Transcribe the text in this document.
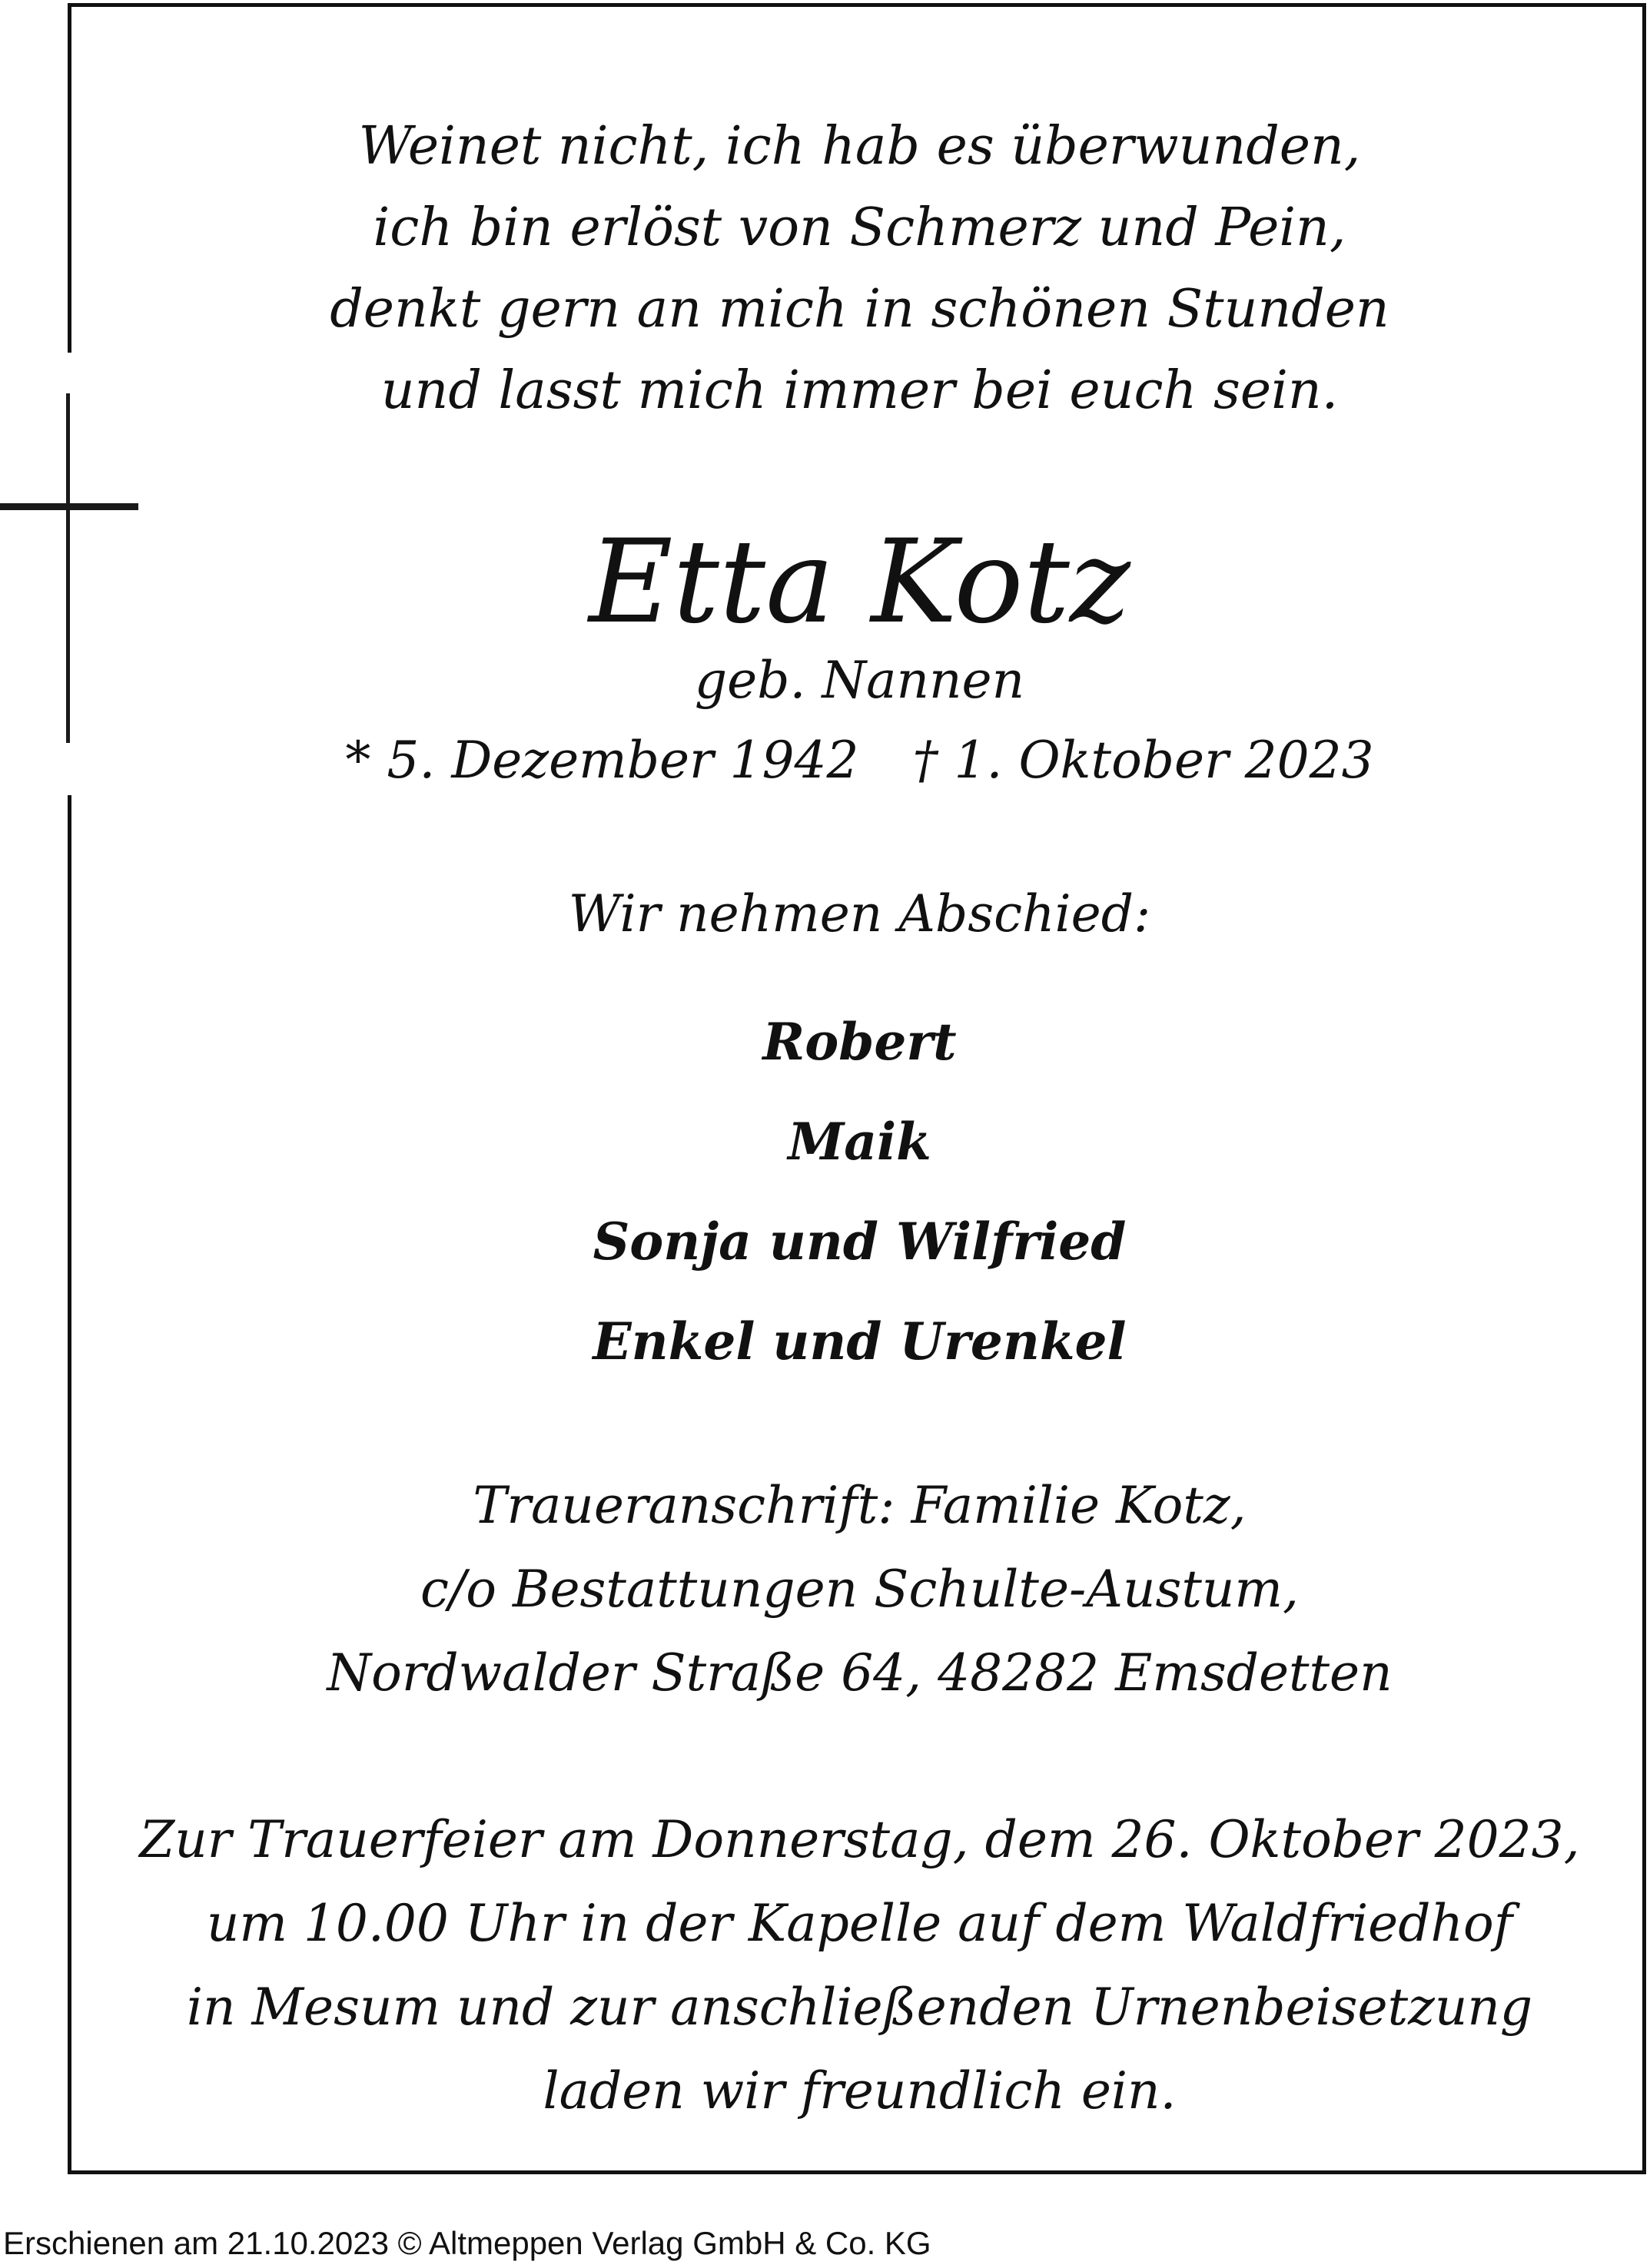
Weinet nicht, ich hab es überwunden,
ich bin erlöst von Schmerz und Pein,
denkt gern an mich in schönen Stunden
und lasst mich immer bei euch sein.
Etta Kotz
geb. Nannen
* 5. Dezember 1942 † 1. Oktober 2023
Wir nehmen Abschied:
Robert
Maik
Sonja und Wilfried
Enkel und Urenkel
Traueranschrift: Familie Kotz,
c/o Bestattungen Schulte-Austum,
Nordwalder Straße 64, 48282 Emsdetten
Zur Trauerfeier am Donnerstag, dem 26. Oktober 2023,
um 10.00 Uhr in der Kapelle auf dem Waldfriedhof
in Mesum und zur anschließenden Urnenbeisetzung
laden wir freundlich ein.
Erschienen am 21.10.2023 © Altmeppen Verlag GmbH & Co. KG
